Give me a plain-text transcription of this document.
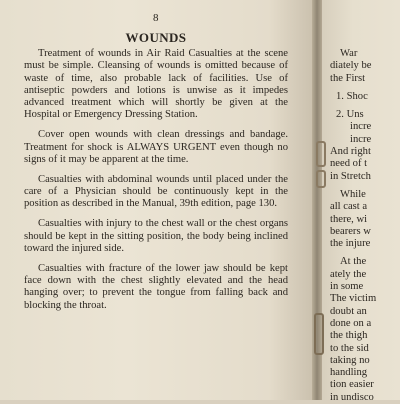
8
WOUNDS

Treatment of wounds in Air Raid Casualties at the scene must be simple. Cleansing of wounds is omitted because of waste of time, also probable lack of facilities. Use of antiseptic powders and lotions is unwise as it impedes advanced treatment which will shortly be given at the Hospital or Emergency Dressing Station.

Cover open wounds with clean dressings and bandage. Treatment for shock is ALWAYS URGENT even though no signs of it may be apparent at the time.

Casualties with abdominal wounds until placed under the care of a Physician should be continuously kept in the position as described in the Manual, 39th edition, page 130.

Casualties with injury to the chest wall or the chest organs should be kept in the sitting position, the body being inclined toward the injured side.

Casualties with fracture of the lower jaw should be kept face down with the chest slightly elevated and the head hanging over; to prevent the tongue from falling back and blocking the throat.

War
diately be
the First
1. Shoc
2. Uns
incre
incre
And right
need of t
in Stretch
While
all cast a
there, wi
bearers w
the injure
At the
ately the
in some
The victim
doubt an
done on a
the thigh
to the sid
taking no
handling
tion easier
in undisco
